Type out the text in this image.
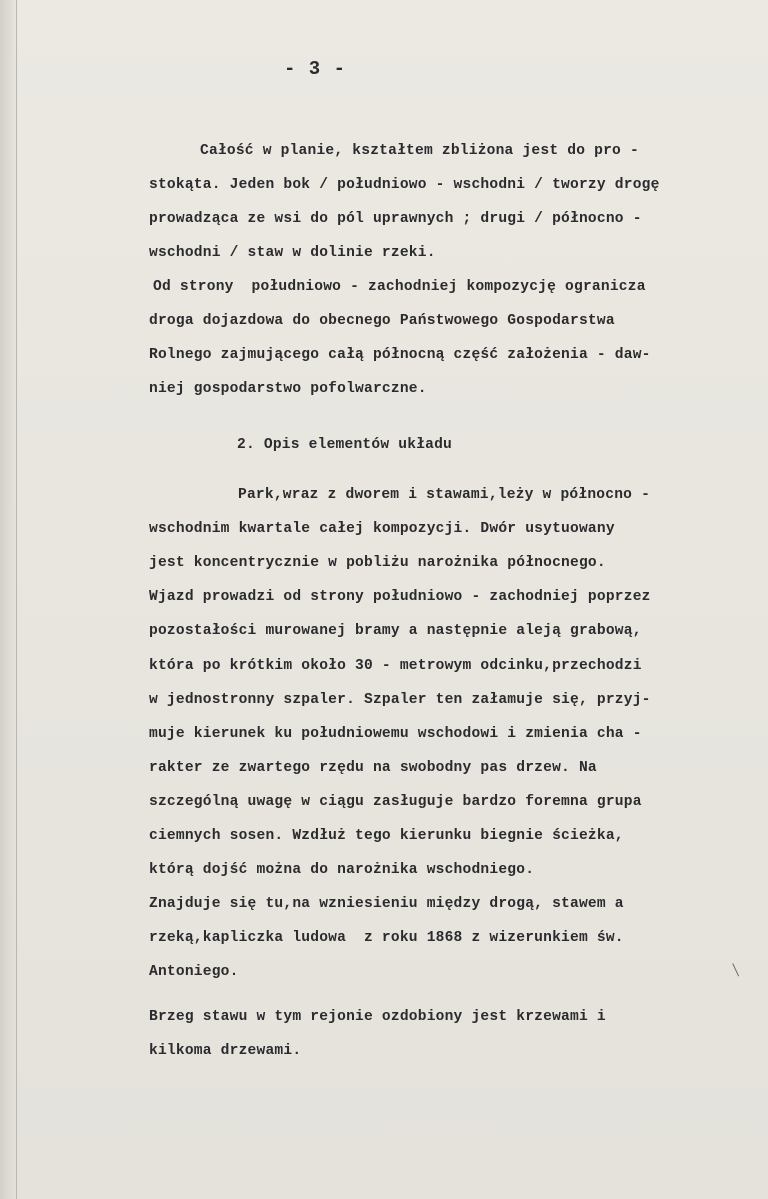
- 3 -
Całość w planie, kształtem zbliżona jest do pro -
stokąta. Jeden bok / południowo - wschodni / tworzy drogę
prowadząca ze wsi do pól uprawnych ; drugi / północno -
wschodni / staw w dolinie rzeki.
Od strony  południowo - zachodniej kompozycję ogranicza
droga dojazdowa do obecnego Państwowego Gospodarstwa
Rolnego zajmującego całą północną część założenia - daw-
niej gospodarstwo pofolwarczne.
2. Opis elementów układu
Park,wraz z dworem i stawami,leży w północno -
wschodnim kwartale całej kompozycji. Dwór usytuowany
jest koncentrycznie w pobliżu narożnika północnego.
Wjazd prowadzi od strony południowo - zachodniej poprzez
pozostałości murowanej bramy a następnie aleją grabową,
która po krótkim około 30 - metrowym odcinku,przechodzi
w jednostronny szpaler. Szpaler ten załamuje się, przyj-
muje kierunek ku południowemu wschodowi i zmienia cha -
rakter ze zwartego rzędu na swobodny pas drzew. Na
szczególną uwagę w ciągu zasługuje bardzo foremna grupa
ciemnych sosen. Wzdłuż tego kierunku biegnie ścieżka,
którą dojść można do narożnika wschodniego.
Znajduje się tu,na wzniesieniu między drogą, stawem a
rzeką,kapliczka ludowa  z roku 1868 z wizerunkiem św.
Antoniego.
Brzeg stawu w tym rejonie ozdobiony jest krzewami i
kilkoma drzewami.
